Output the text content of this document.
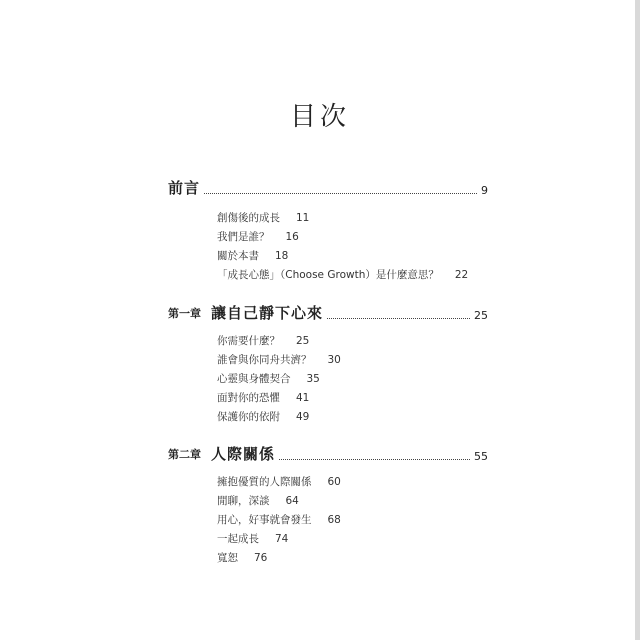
目次
前言	9
創傷後的成長 11
我們是誰？ 16
關於本書 18
「成長心態」（Choose Growth）是什麼意思？ 22
第一章 讓自己靜下心來	25
你需要什麼？ 25
誰會與你同舟共濟？ 30
心靈與身體契合 35
面對你的恐懼 41
保護你的依附 49
第二章 人際關係	55
擁抱優質的人際關係 60
閒聊，深談 64
用心，好事就會發生 68
一起成長 74
寬恕 76
